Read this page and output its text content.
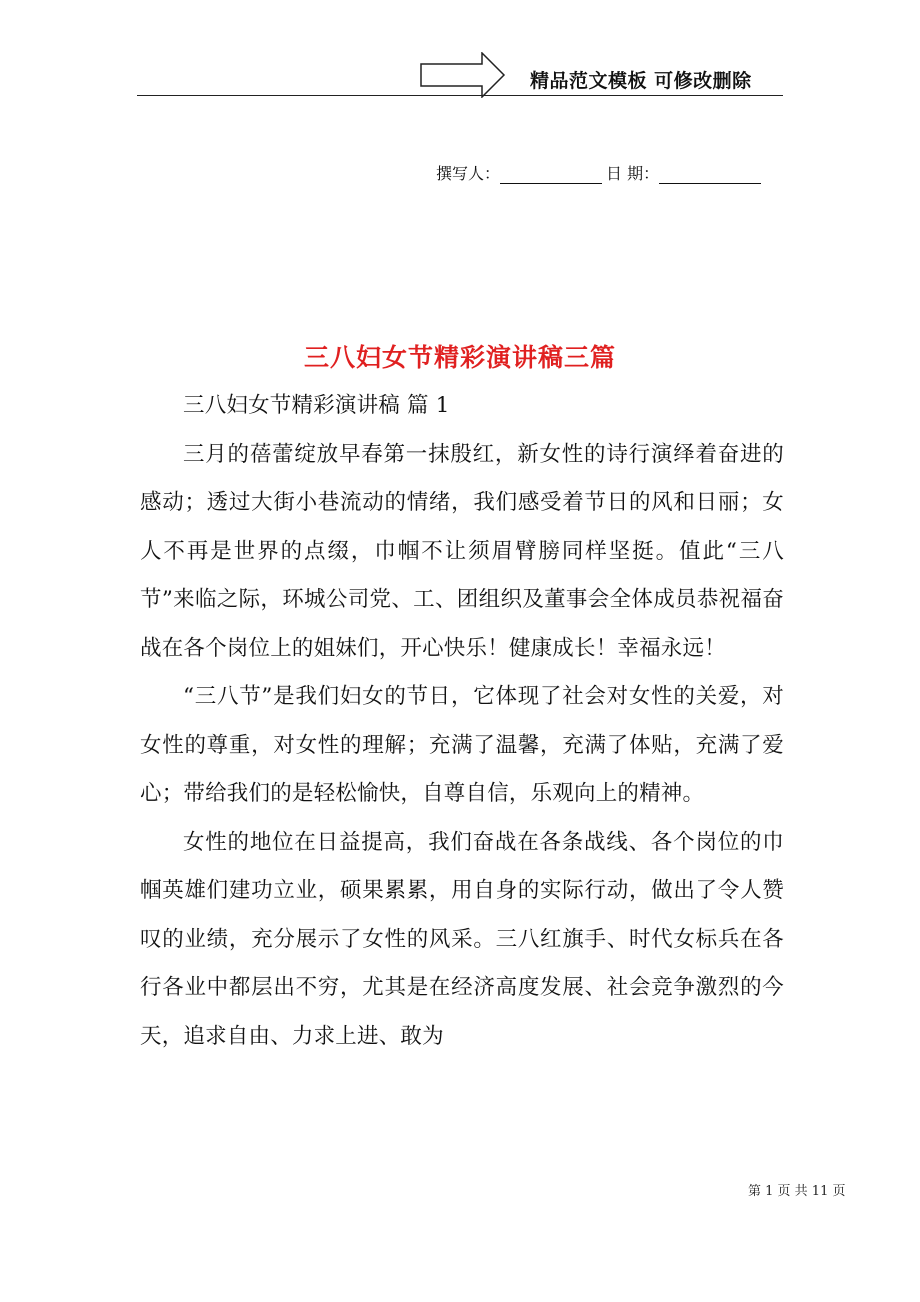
精品范文模板 可修改删除
撰写人：	日 期：
三八妇女节精彩演讲稿三篇

三八妇女节精彩演讲稿 篇 1

三月的蓓蕾绽放早春第一抹殷红，新女性的诗行演绎着奋进的感动；透过大街小巷流动的情绪，我们感受着节日的风和日丽；女人不再是世界的点缀，巾帼不让须眉臂膀同样坚挺。值此“三八节”来临之际，环城公司党、工、团组织及董事会全体成员恭祝福奋战在各个岗位上的姐妹们，开心快乐！健康成长！幸福永远！

“三八节”是我们妇女的节日，它体现了社会对女性的关爱，对女性的尊重，对女性的理解；充满了温馨，充满了体贴，充满了爱心；带给我们的是轻松愉快，自尊自信，乐观向上的精神。

女性的地位在日益提高，我们奋战在各条战线、各个岗位的巾帼英雄们建功立业，硕果累累，用自身的实际行动，做出了令人赞叹的业绩，充分展示了女性的风采。三八红旗手、时代女标兵在各行各业中都层出不穷，尤其是在经济高度发展、社会竞争激烈的今天，追求自由、力求上进、敢为

第 1 页 共 11 页
